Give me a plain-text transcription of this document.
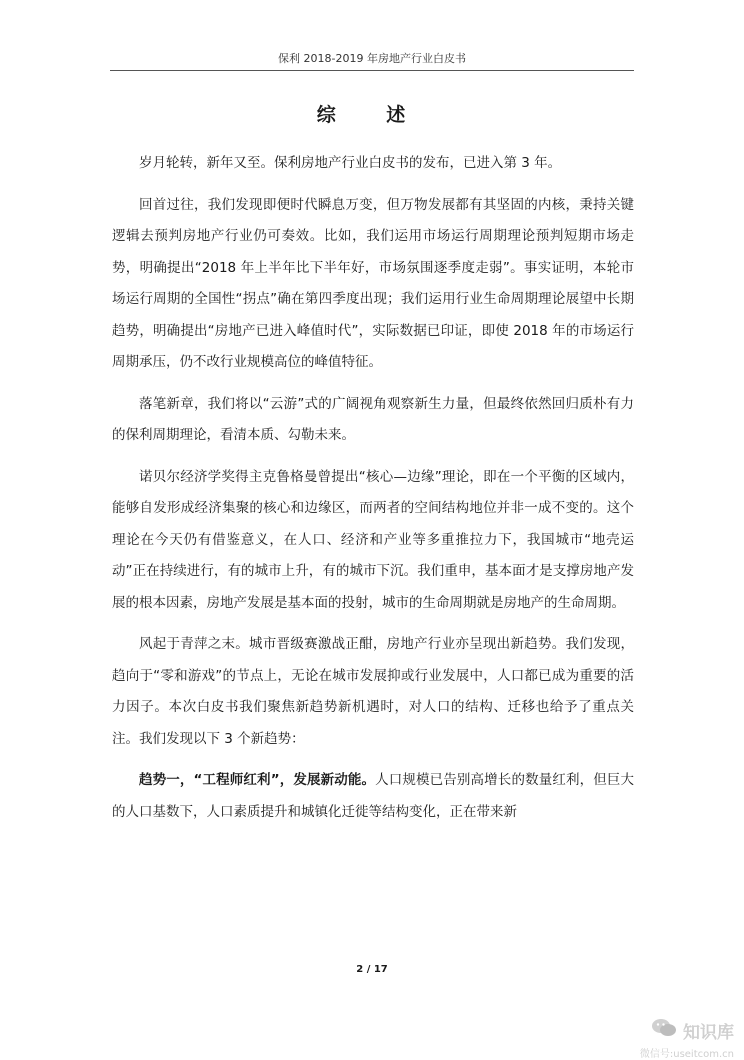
保利 2018-2019 年房地产行业白皮书
综 述

岁月轮转，新年又至。保利房地产行业白皮书的发布，已进入第 3 年。

回首过往，我们发现即便时代瞬息万变，但万物发展都有其坚固的内核，秉持关键逻辑去预判房地产行业仍可奏效。比如，我们运用市场运行周期理论预判短期市场走势，明确提出“2018 年上半年比下半年好，市场氛围逐季度走弱”。事实证明，本轮市场运行周期的全国性“拐点”确在第四季度出现；我们运用行业生命周期理论展望中长期趋势，明确提出“房地产已进入峰值时代”，实际数据已印证，即使 2018 年的市场运行周期承压，仍不改行业规模高位的峰值特征。

落笔新章，我们将以“云游”式的广阔视角观察新生力量，但最终依然回归质朴有力的保利周期理论，看清本质、勾勒未来。

诺贝尔经济学奖得主克鲁格曼曾提出“核心—边缘”理论，即在一个平衡的区域内，能够自发形成经济集聚的核心和边缘区，而两者的空间结构地位并非一成不变的。这个理论在今天仍有借鉴意义，在人口、经济和产业等多重推拉力下，我国城市“地壳运动”正在持续进行，有的城市上升，有的城市下沉。我们重申，基本面才是支撑房地产发展的根本因素，房地产发展是基本面的投射，城市的生命周期就是房地产的生命周期。

风起于青萍之末。城市晋级赛激战正酣，房地产行业亦呈现出新趋势。我们发现，趋向于“零和游戏”的节点上，无论在城市发展抑或行业发展中，人口都已成为重要的活力因子。本次白皮书我们聚焦新趋势新机遇时，对人口的结构、迁移也给予了重点关注。我们发现以下 3 个新趋势：

趋势一，“工程师红利”，发展新动能。人口规模已告别高增长的数量红利，但巨大的人口基数下，人口素质提升和城镇化迁徙等结构变化，正在带来新

2 / 17
知识库
微信号:useitcom.cn
